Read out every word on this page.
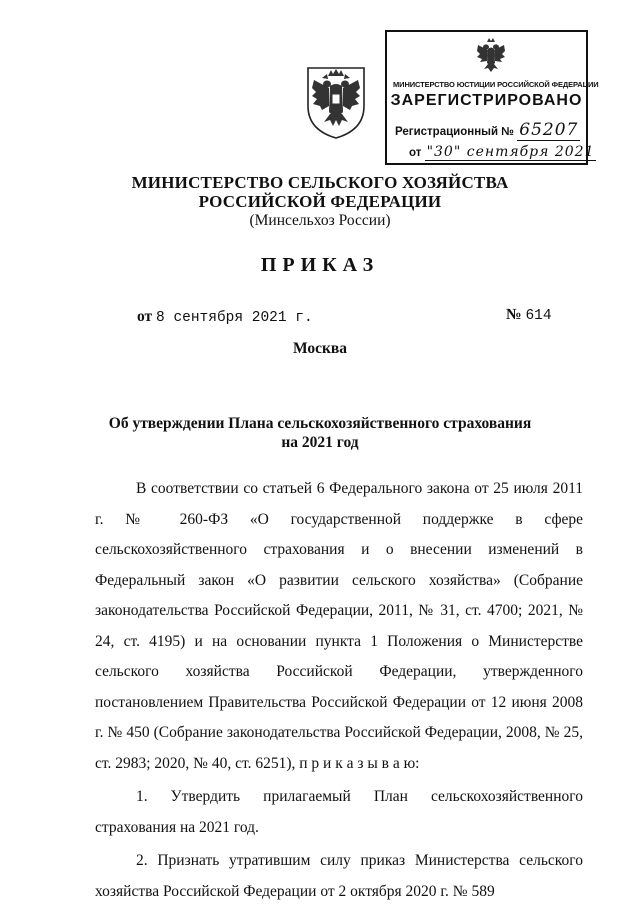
МИНИСТЕРСТВО ЮСТИЦИИ РОССИЙСКОЙ ФЕДЕРАЦИИ
ЗАРЕГИСТРИРОВАНО
Регистрационный № 65207
от "30" сентября 2021
МИНИСТЕРСТВО СЕЛЬСКОГО ХОЗЯЙСТВА
РОССИЙСКОЙ ФЕДЕРАЦИИ
(Минсельхоз России)
ПРИКАЗ
от 8 сентября 2021 г.	№ 614
Москва
Об утверждении Плана сельскохозяйственного страхования
на 2021 год

В соответствии со статьей 6 Федерального закона от 25 июля 2011 г. № 260-ФЗ «О государственной поддержке в сфере сельскохозяйственного страхования и о внесении изменений в Федеральный закон «О развитии сельского хозяйства» (Собрание законодательства Российской Федерации, 2011, № 31, ст. 4700; 2021, № 24, ст. 4195) и на основании пункта 1 Положения о Министерстве сельского хозяйства Российской Федерации, утвержденного постановлением Правительства Российской Федерации от 12 июня 2008 г. № 450 (Собрание законодательства Российской Федерации, 2008, № 25, ст. 2983; 2020, № 40, ст. 6251), п р и к а з ы в а ю:

1. Утвердить прилагаемый План сельскохозяйственного страхования на 2021 год.

2. Признать утратившим силу приказ Министерства сельского хозяйства Российской Федерации от 2 октября 2020 г. № 589
